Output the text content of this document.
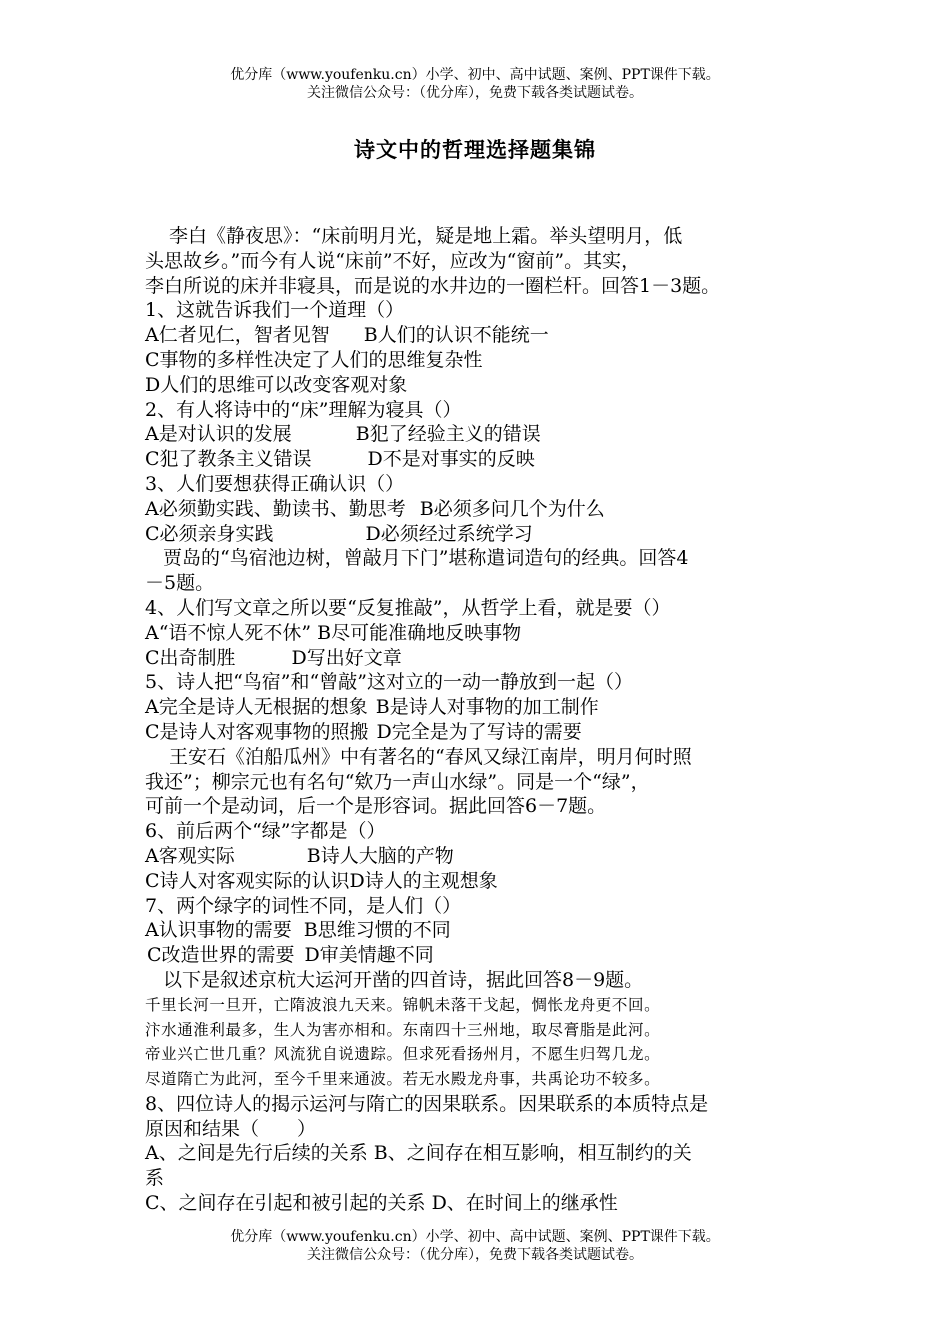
优分库（www.youfenku.cn）小学、初中、高中试题、案例、PPT课件下载。
关注微信公众号：（优分库），免费下载各类试题试卷。
诗文中的哲理选择题集锦
李白《静夜思》：“床前明月光，疑是地上霜。举头望明月，低
头思故乡。”而今有人说“床前”不好，应改为“窗前”。其实，
李白所说的床并非寝具，而是说的水井边的一圈栏杆。回答1－3题。
1、这就告诉我们一个道理（）
A仁者见仁，智者见智 B人们的认识不能统一
C事物的多样性决定了人们的思维复杂性
D人们的思维可以改变客观对象
2、有人将诗中的“床”理解为寝具（）
A是对认识的发展	B犯了经验主义的错误
C犯了教条主义错误	D不是对事实的反映
3、人们要想获得正确认识（）
A必须勤实践、勤读书、勤思考 B必须多问几个为什么
C必须亲身实践	D必须经过系统学习
贾岛的“鸟宿池边树，曾敲月下门”堪称遣词造句的经典。回答4
－5题。
4、人们写文章之所以要“反复推敲”，从哲学上看，就是要（）
A“语不惊人死不休” B尽可能准确地反映事物
C出奇制胜	D写出好文章
5、诗人把“鸟宿”和“曾敲”这对立的一动一静放到一起（）
A完全是诗人无根据的想象 B是诗人对事物的加工制作
C是诗人对客观事物的照搬 D完全是为了写诗的需要
王安石《泊船瓜州》中有著名的“春风又绿江南岸，明月何时照
我还”；柳宗元也有名句“欸乃一声山水绿”。同是一个“绿”，
可前一个是动词，后一个是形容词。据此回答6－7题。
6、前后两个“绿”字都是（）
A客观实际	B诗人大脑的产物
C诗人对客观实际的认识D诗人的主观想象
7、两个绿字的词性不同，是人们（）
A认识事物的需要 B思维习惯的不同
C改造世界的需要 D审美情趣不同
以下是叙述京杭大运河开凿的四首诗，据此回答8－9题。
千里长河一旦开，亡隋波浪九天来。锦帆未落干戈起，惆怅龙舟更不回。
汴水通淮利最多，生人为害亦相和。东南四十三州地，取尽膏脂是此河。
帝业兴亡世几重？风流犹自说遗踪。但求死看扬州月，不愿生归驾几龙。
尽道隋亡为此河，至今千里来通波。若无水殿龙舟事，共禹论功不较多。
8、四位诗人的揭示运河与隋亡的因果联系。因果联系的本质特点是
原因和结果（　　）
A、之间是先行后续的关系 B、之间存在相互影响，相互制约的关
系
C、之间存在引起和被引起的关系 D、在时间上的继承性
优分库（www.youfenku.cn）小学、初中、高中试题、案例、PPT课件下载。
关注微信公众号：（优分库），免费下载各类试题试卷。
